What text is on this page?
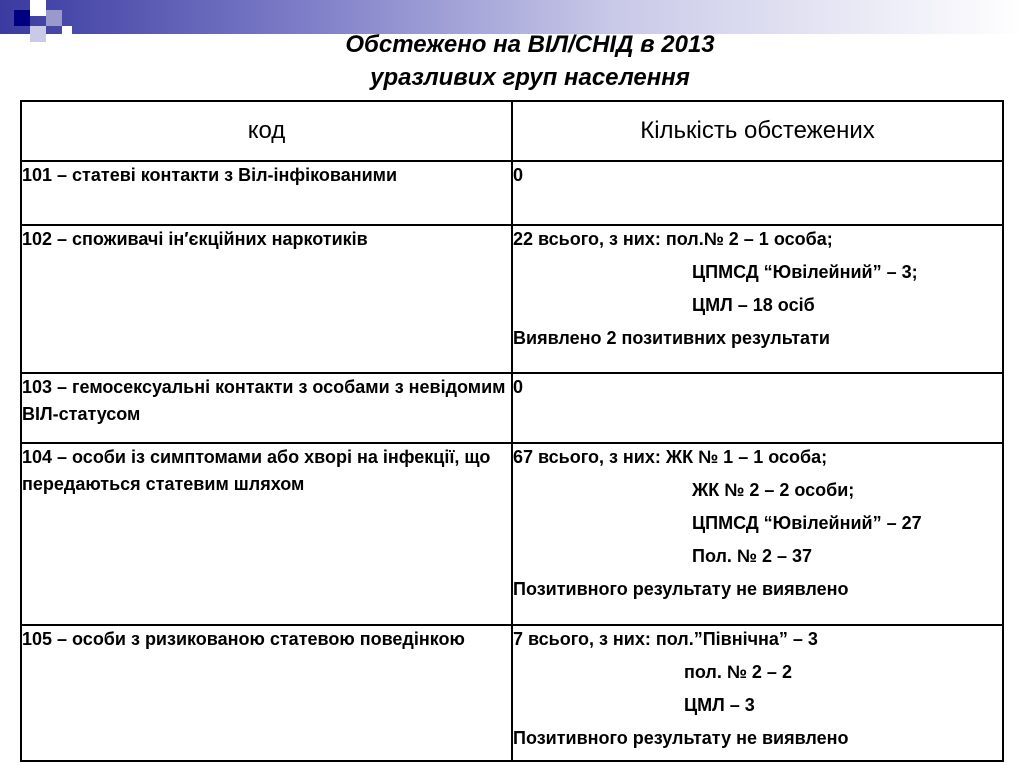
Обстежено на ВІЛ/СНІД в 2013
уразливих груп населення
код	Кількість обстежених
101 – статеві контакти з Віл-інфікованими	0

102 – споживачі ін′єкційних наркотиків	22 всього, з них: пол.№ 2 – 1 особа;
ЦПМСД “Ювілейний” – 3;
ЦМЛ – 18 осіб
Виявлено 2 позитивних результати

103 – гемосексуальні контакти з особами з невідомим ВІЛ-статусом	0

104 – особи із симптомами або хворі на інфекції, що передаються статевим шляхом	67 всього, з них: ЖК № 1 – 1 особа;
ЖК № 2 – 2 особи;
ЦПМСД “Ювілейний” – 27
Пол. № 2 – 37
Позитивного результату не виявлено

105 – особи з ризикованою статевою поведінкою	7 всього, з них: пол.”Північна” – 3
пол. № 2 – 2
ЦМЛ – 3
Позитивного результату не виявлено
